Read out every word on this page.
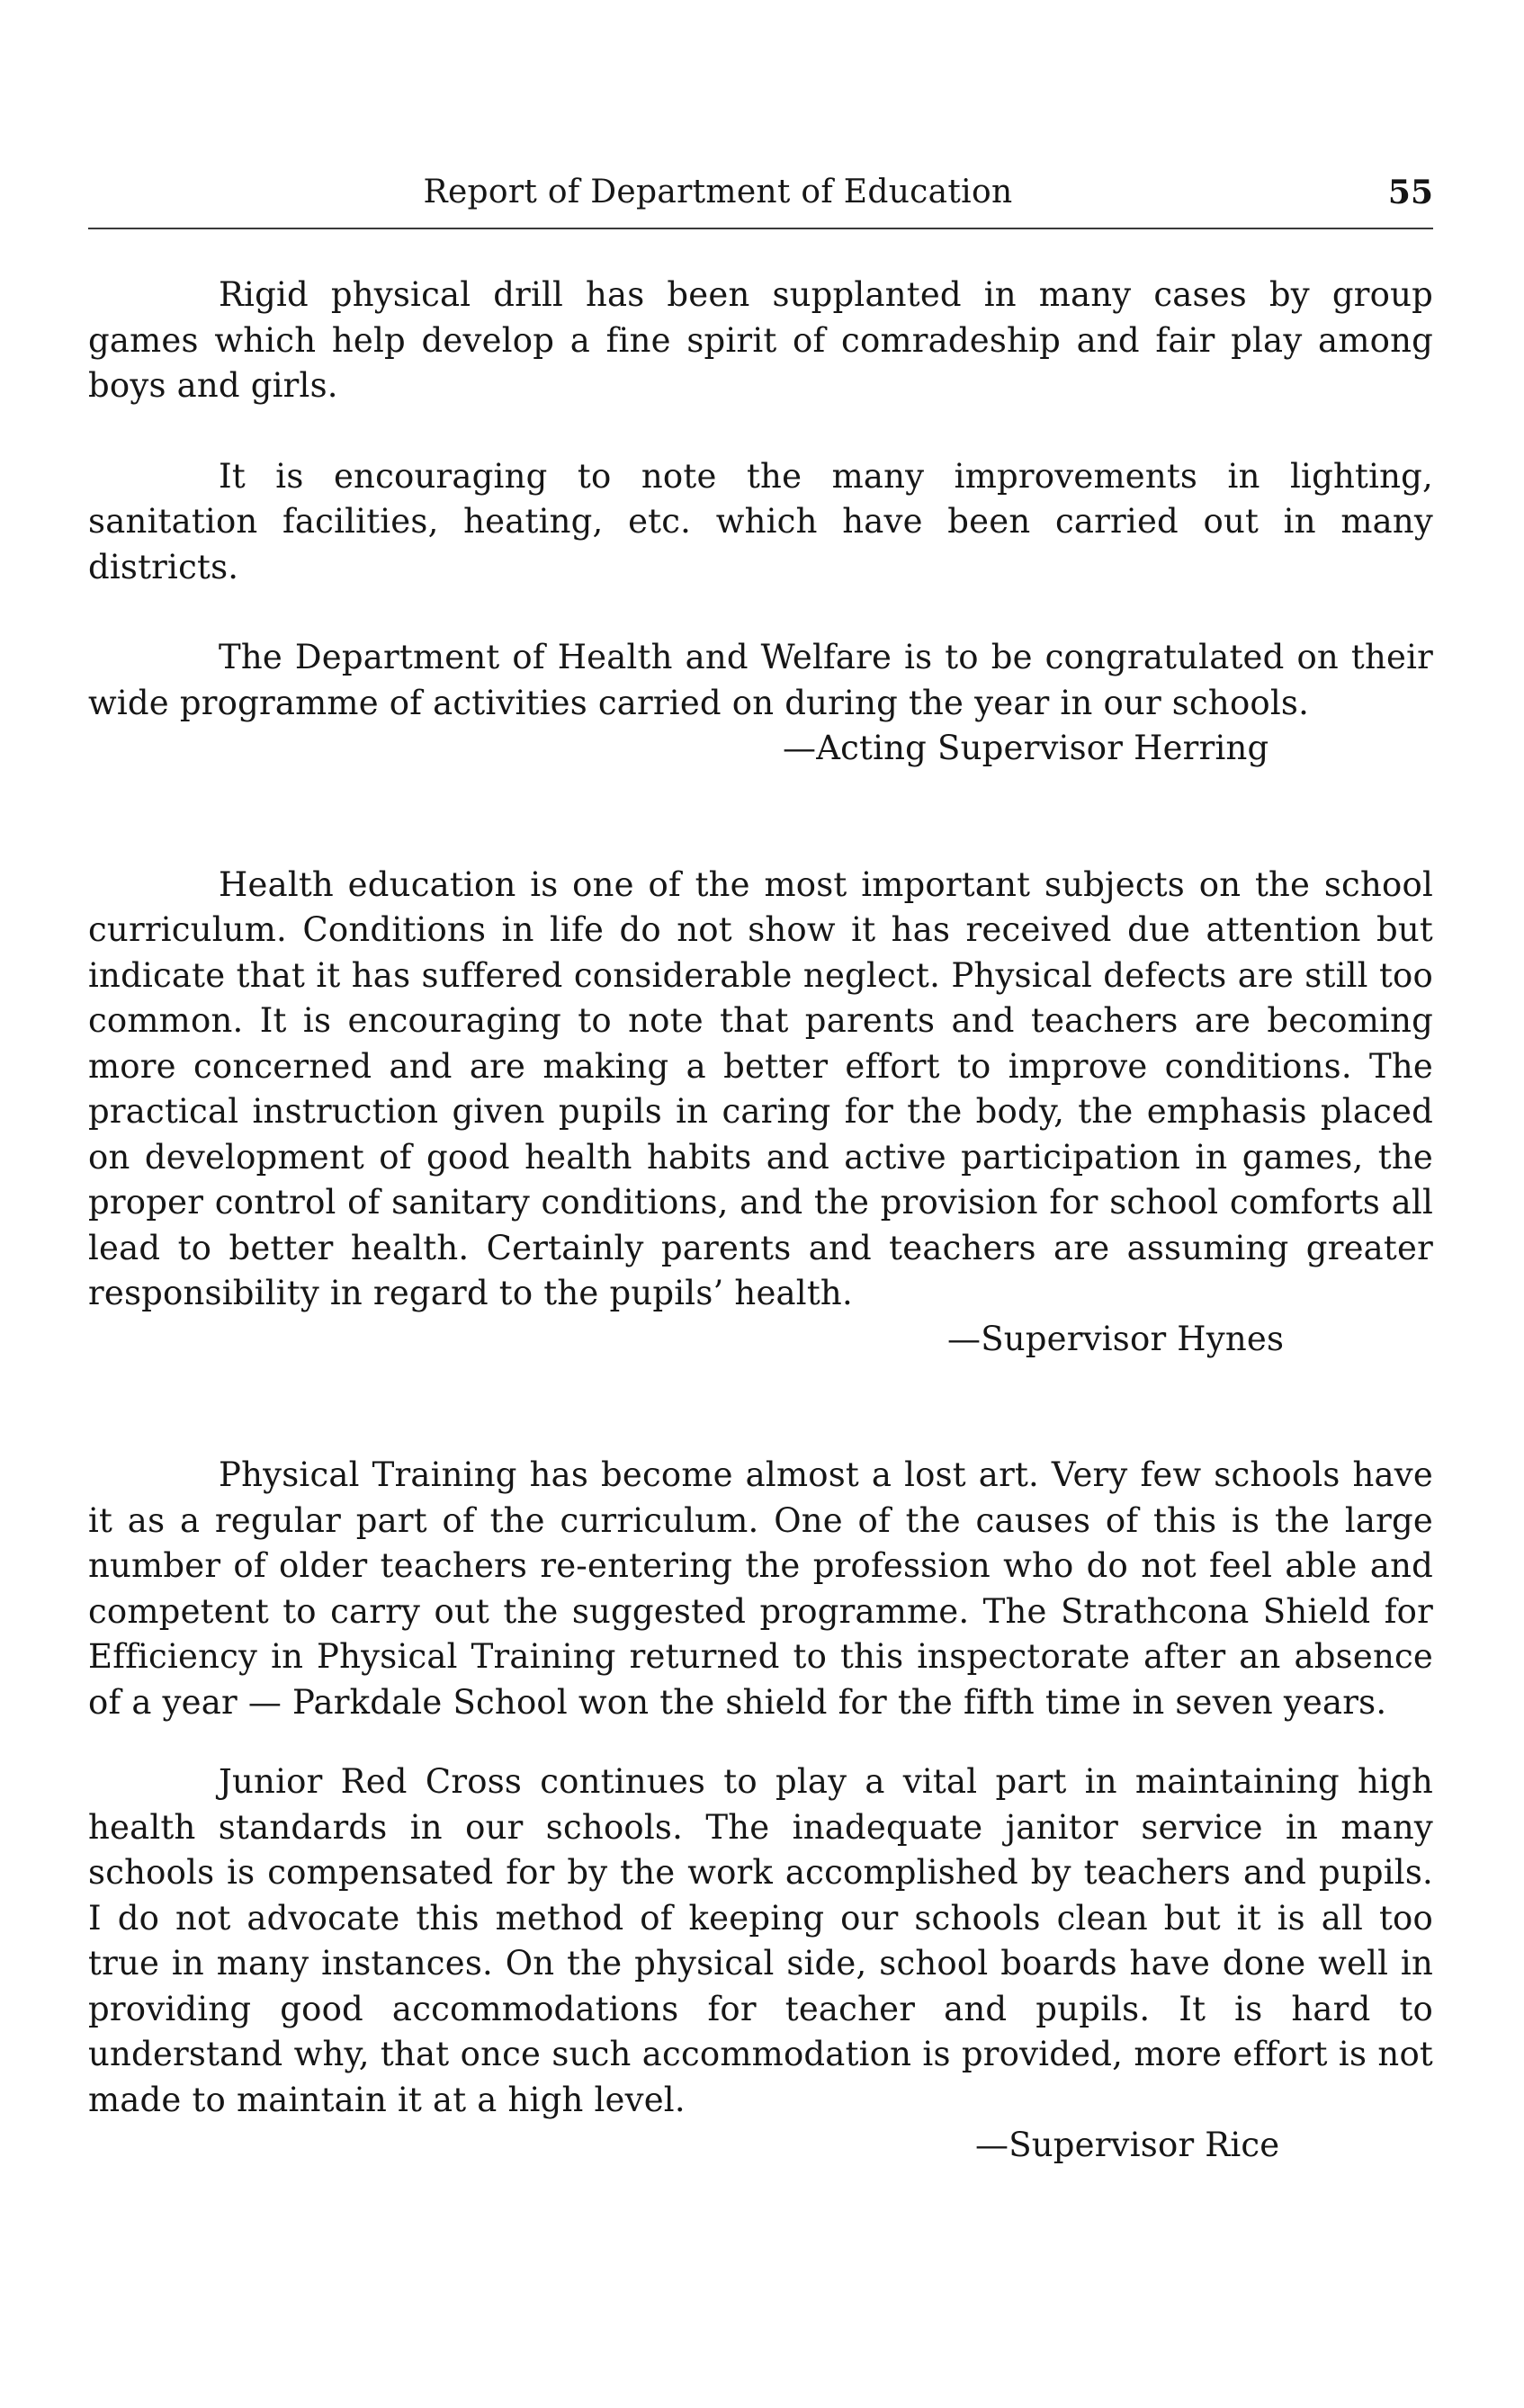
Report of Department of Education	55

Rigid physical drill has been supplanted in many cases by group games which help develop a fine spirit of comradeship and fair play among boys and girls.

It is encouraging to note the many improvements in lighting, sanitation facilities, heating, etc. which have been carried out in many districts.

The Department of Health and Welfare is to be congratulated on their wide programme of activities carried on during the year in our schools.

—Acting Supervisor Herring

Health education is one of the most important subjects on the school curriculum. Conditions in life do not show it has received due attention but indicate that it has suffered considerable neglect. Physical defects are still too common. It is encouraging to note that parents and teachers are becoming more concerned and are making a better effort to improve conditions. The practical instruction given pupils in caring for the body, the emphasis placed on development of good health habits and active participation in games, the proper control of sanitary conditions, and the provision for school comforts all lead to better health. Certainly parents and teachers are assuming greater responsibility in regard to the pupils’ health.

—Supervisor Hynes

Physical Training has become almost a lost art. Very few schools have it as a regular part of the curriculum. One of the causes of this is the large number of older teachers re-entering the profession who do not feel able and competent to carry out the suggested programme. The Strathcona Shield for Efficiency in Physical Training returned to this inspectorate after an absence of a year — Parkdale School won the shield for the fifth time in seven years.

Junior Red Cross continues to play a vital part in maintaining high health standards in our schools. The inadequate janitor service in many schools is compensated for by the work accomplished by teachers and pupils. I do not advocate this method of keeping our schools clean but it is all too true in many instances. On the physical side, school boards have done well in providing good accommodations for teacher and pupils. It is hard to understand why, that once such accommodation is provided, more effort is not made to maintain it at a high level.

—Supervisor Rice
